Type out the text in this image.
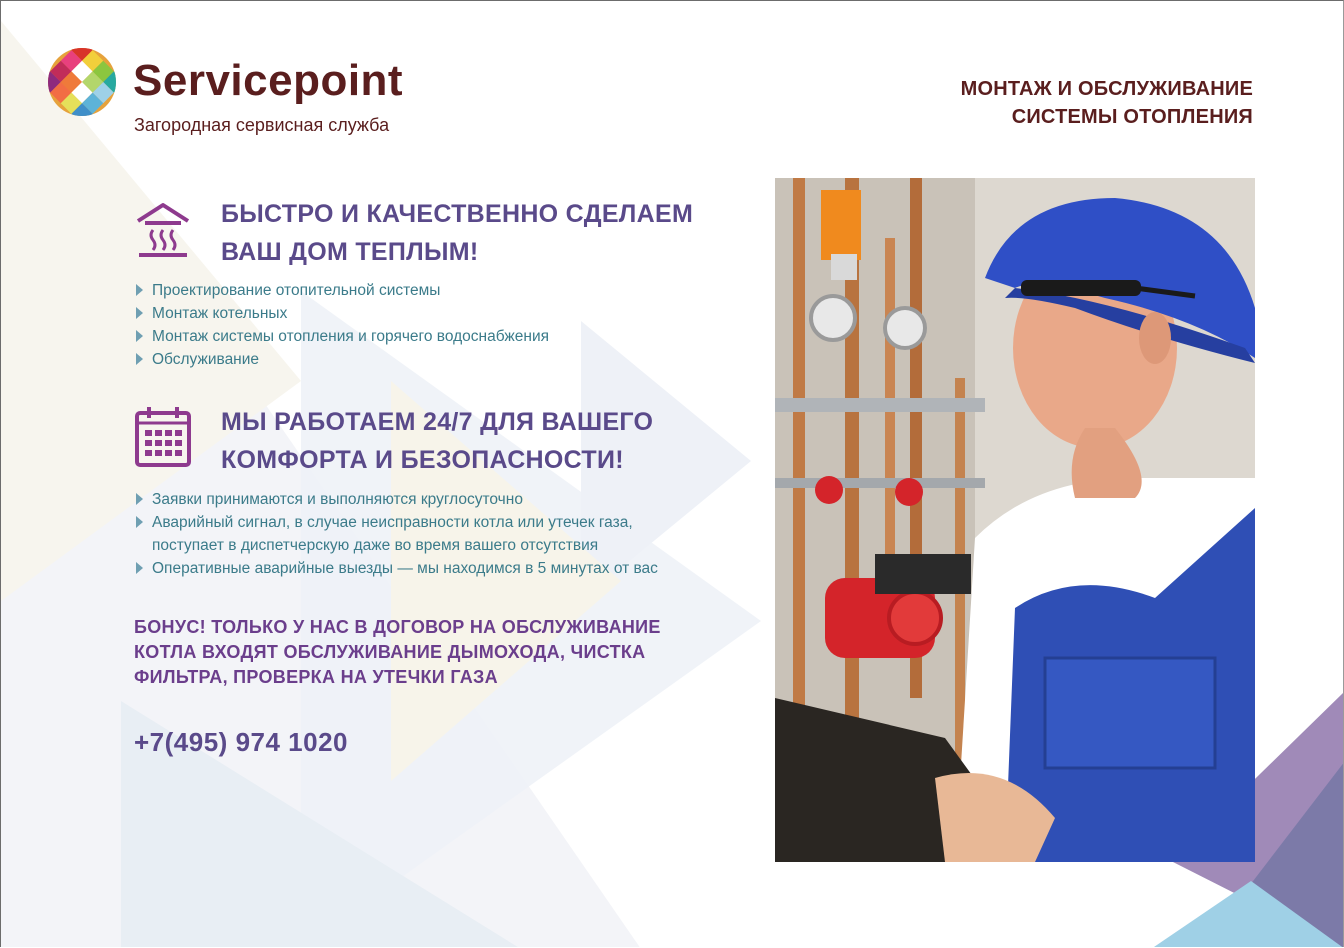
Servicepoint
Загородная сервисная служба
МОНТАЖ И ОБСЛУЖИВАНИЕ
СИСТЕМЫ ОТОПЛЕНИЯ
БЫСТРО И КАЧЕСТВЕННО СДЕЛАЕМ
ВАШ ДОМ ТЕПЛЫМ!
Проектирование отопительной системы
Монтаж котельных
Монтаж системы отопления и горячего водоснабжения
Обслуживание
МЫ РАБОТАЕМ 24/7 ДЛЯ ВАШЕГО
КОМФОРТА И БЕЗОПАСНОСТИ!
Заявки принимаются и выполняются круглосуточно
Аварийный сигнал, в случае неисправности котла или утечек газа,
поступает в диспетчерскую даже во время вашего отсутствия
Оперативные аварийные выезды — мы находимся в 5 минутах от вас
БОНУС! ТОЛЬКО У НАС В ДОГОВОР НА ОБСЛУЖИВАНИЕ
КОТЛА ВХОДЯТ ОБСЛУЖИВАНИЕ ДЫМОХОДА, ЧИСТКА
ФИЛЬТРА, ПРОВЕРКА НА УТЕЧКИ ГАЗА
+7(495) 974 1020
